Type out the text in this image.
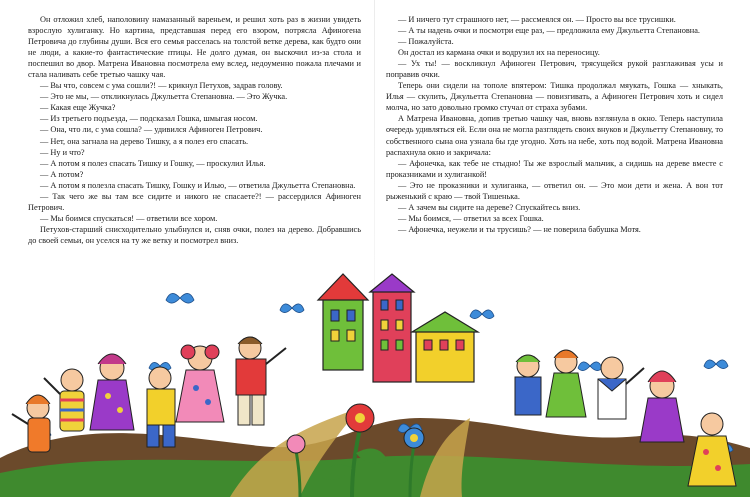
Он отложил хлеб, наполовину намазанный вареньем, и решил хоть раз в жизни увидеть взрослую хулиганку. Но картина, представшая перед его взором, потрясла Афиногена Петровича до глубины души. Вся его семья расселась на толстой ветке дерева, как будто они не люди, а какие-то фантастические птицы. Не долго думая, он выскочил из-за стола и поспешил во двор. Матрена Ивановна посмотрела ему вслед, недоуменно пожала плечами и стала наливать себе третью чашку чая.

— Вы что, совсем с ума сошли?! — крикнул Петухов, задрав голову.

— Это не мы, — откликнулась Джульетта Степановна. — Это Жучка.

— Какая еще Жучка?

— Из третьего подъезда, — подсказал Гошка, шмыгая носом.

— Она, что ли, с ума сошла? — удивился Афиноген Петрович.

— Нет, она загнала на дерево Тишку, а я полез его спасать.

— Ну и что?

— А потом я полез спасать Тишку и Гошку, — проскулил Илья.

— А потом?

— А потом я полезла спасать Тишку, Гошку и Илью, — ответила Джульетта Степановна.

— Так чего же вы там все сидите и никого не спасаете?! — рассердился Афиноген Петрович.

— Мы боимся спускаться! — ответили все хором.

Петухов-старший снисходительно улыбнулся и, сняв очки, полез на дерево. Добравшись до своей семьи, он уселся на ту же ветку и посмотрел вниз.

— И ничего тут страшного нет, — рассмеялся он. — Просто вы все трусишки.

— А ты надень очки и посмотри еще раз, — предложила ему Джульетта Степановна.

— Пожалуйста.

Он достал из кармана очки и водрузил их на переносицу.

— Ух ты! — воскликнул Афиноген Петрович, трясущейся рукой разглаживая усы и поправив очки.

Теперь они сидели на тополе впятером: Тишка продолжал мяукать, Гошка — хныкать, Илья — скулить, Джульетта Степановна — повизгивать, а Афиноген Петрович хоть и сидел молча, но зато довольно громко стучал от страха зубами.

А Матрена Ивановна, допив третью чашку чая, вновь взглянула в окно. Теперь наступила очередь удивляться ей. Если она не могла разглядеть своих внуков и Джульетту Степановну, то собственного сына она узнала бы где угодно. Хоть на небе, хоть под водой. Матрена Ивановна распахнула окно и закричала:

— Афонечка, как тебе не стыдно! Ты же взрослый мальчик, а сидишь на дереве вместе с проказниками и хулиганкой!

— Это не проказники и хулиганка, — ответил он. — Это мои дети и жена. А вон тот рыженький с краю — твой Тишенька.

— А зачем вы сидите на дереве? Спускайтесь вниз.

— Мы боимся, — ответил за всех Гошка.

— Афонечка, неужели и ты трусишь? — не поверила бабушка Мотя.
